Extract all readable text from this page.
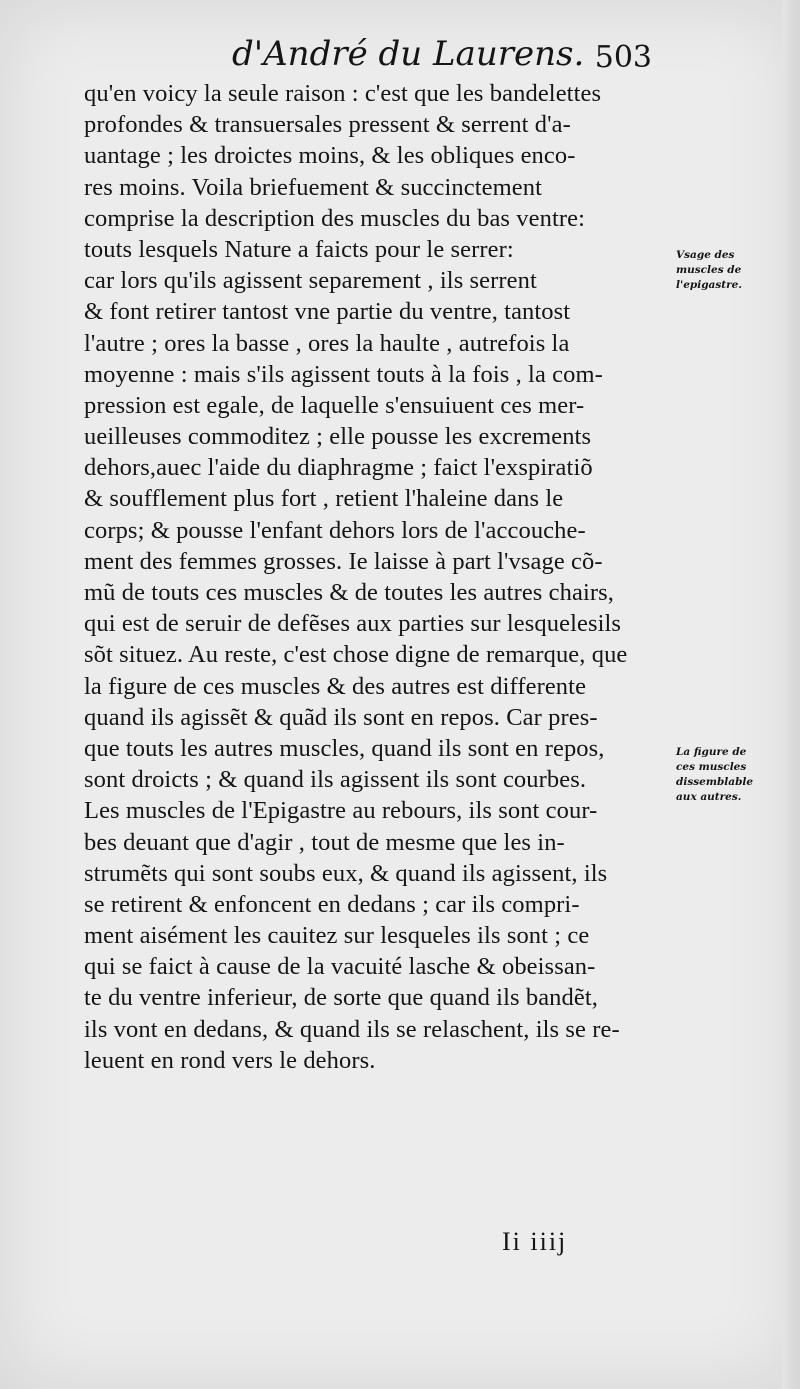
d'André du Laurens. 503
qu'en voicy la seule raison : c'est que les bandelettes
profondes & transuersales pressent & serrent d'a-
uantage ; les droictes moins, & les obliques enco-
res moins. Voila briefuement & succinctement
comprise la description des muscles du bas ventre:
touts lesquels Nature a faicts pour le serrer:
car lors qu'ils agissent separement , ils serrent
& font retirer tantost vne partie du ventre, tantost
l'autre ; ores la basse , ores la haulte , autrefois la
moyenne : mais s'ils agissent touts à la fois , la com-
pression est egale, de laquelle s'ensuiuent ces mer-
ueilleuses commoditez ; elle pousse les excrements
dehors,auec l'aide du diaphragme ; faict l'exspiratiõ
& soufflement plus fort , retient l'haleine dans le
corps; & pousse l'enfant dehors lors de l'accouche-
ment des femmes grosses. Ie laisse à part l'vsage cõ-
mũ de touts ces muscles & de toutes les autres chairs,
qui est de seruir de defẽses aux parties sur lesquelesils
sõt situez. Au reste, c'est chose digne de remarque, que
la figure de ces muscles & des autres est differente
quand ils agissẽt & quãd ils sont en repos. Car pres-
que touts les autres muscles, quand ils sont en repos,
sont droicts ; & quand ils agissent ils sont courbes.
Les muscles de l'Epigastre au rebours, ils sont cour-
bes deuant que d'agir , tout de mesme que les in-
strumẽts qui sont soubs eux, & quand ils agissent, ils
se retirent & enfoncent en dedans ; car ils compri-
ment aisément les cauitez sur lesqueles ils sont ; ce
qui se faict à cause de la vacuité lasche & obeissan-
te du ventre inferieur, de sorte que quand ils bandẽt,
ils vont en dedans, & quand ils se relaschent, ils se re-
leuent en rond vers le dehors.
Vsage des
muscles de
l'epigastre.
La figure de
ces muscles
dissemblable
aux autres.
Ii iiij
